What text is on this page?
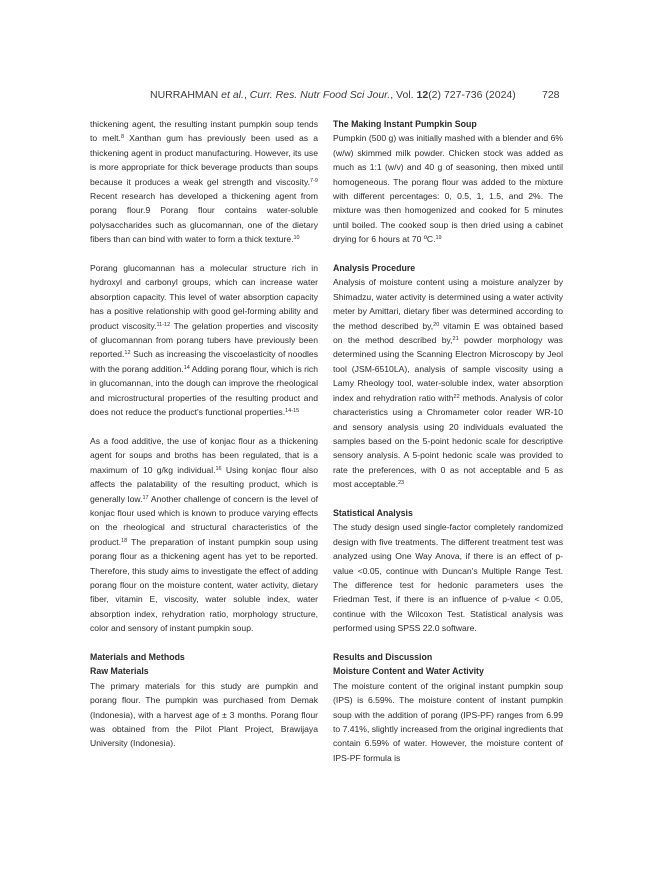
NURRAHMAN et al., Curr. Res. Nutr Food Sci Jour., Vol. 12(2) 727-736 (2024)	728

thickening agent, the resulting instant pumpkin soup tends to melt.$^8$ Xanthan gum has previously been used as a thickening agent in product manufacturing. However, its use is more appropriate for thick beverage products than soups because it produces a weak gel strength and viscosity.$^{7-9}$ Recent research has developed a thickening agent from porang flour.9 Porang flour contains water-soluble polysaccharides such as glucomannan, one of the dietary fibers than can bind with water to form a thick texture.$^{10}$

Porang glucomannan has a molecular structure rich in hydroxyl and carbonyl groups, which can increase water absorption capacity. This level of water absorption capacity has a positive relationship with good gel-forming ability and product viscosity.$^{11-12}$ The gelation properties and viscosity of glucomannan from porang tubers have previously been reported.$^{12}$ Such as increasing the viscoelasticity of noodles with the porang addition.$^{14}$ Adding porang flour, which is rich in glucomannan, into the dough can improve the rheological and microstructural properties of the resulting product and does not reduce the product's functional properties.$^{14-15}$

As a food additive, the use of konjac flour as a thickening agent for soups and broths has been regulated, that is a maximum of 10 g/kg individual.$^{16}$ Using konjac flour also affects the palatability of the resulting product, which is generally low.$^{17}$ Another challenge of concern is the level of konjac flour used which is known to produce varying effects on the rheological and structural characteristics of the product.$^{18}$ The preparation of instant pumpkin soup using porang flour as a thickening agent has yet to be reported. Therefore, this study aims to investigate the effect of adding porang flour on the moisture content, water activity, dietary fiber, vitamin E, viscosity, water soluble index, water absorption index, rehydration ratio, morphology structure, color and sensory of instant pumpkin soup.

Materials and Methods

Raw Materials

The primary materials for this study are pumpkin and porang flour. The pumpkin was purchased from Demak (Indonesia), with a harvest age of ± 3 months. Porang flour was obtained from the Pilot Plant Project, Brawijaya University (Indonesia).

The Making Instant Pumpkin Soup

Pumpkin (500 g) was initially mashed with a blender and 6% (w/w) skimmed milk powder. Chicken stock was added as much as 1:1 (w/v) and 40 g of seasoning, then mixed until homogeneous. The porang flour was added to the mixture with different percentages: 0, 0.5, 1, 1.5, and 2%. The mixture was then homogenized and cooked for 5 minutes until boiled. The cooked soup is then dried using a cabinet drying for 6 hours at 70 ºC.$^{19}$

Analysis Procedure

Analysis of moisture content using a moisture analyzer by Shimadzu, water activity is determined using a water activity meter by Amittari, dietary fiber was determined according to the method described by,$^{20}$ vitamin E was obtained based on the method described by,$^{21}$ powder morphology was determined using the Scanning Electron Microscopy by Jeol tool (JSM-6510LA), analysis of sample viscosity using a Lamy Rheology tool, water-soluble index, water absorption index and rehydration ratio with$^{22}$ methods. Analysis of color characteristics using a Chromameter color reader WR-10 and sensory analysis using 20 individuals evaluated the samples based on the 5-point hedonic scale for descriptive sensory analysis. A 5-point hedonic scale was provided to rate the preferences, with 0 as not acceptable and 5 as most acceptable.$^{23}$

Statistical Analysis

The study design used single-factor completely randomized design with five treatments. The different treatment test was analyzed using One Way Anova, if there is an effect of p-value <0.05, continue with Duncan's Multiple Range Test. The difference test for hedonic parameters uses the Friedman Test, if there is an influence of p-value < 0.05, continue with the Wilcoxon Test. Statistical analysis was performed using SPSS 22.0 software.

Results and Discussion

Moisture Content and Water Activity

The moisture content of the original instant pumpkin soup (IPS) is 6.59%. The moisture content of instant pumpkin soup with the addition of porang (IPS-PF) ranges from 6.99 to 7.41%, slightly increased from the original ingredients that contain 6.59% of water. However, the moisture content of IPS-PF formula is
